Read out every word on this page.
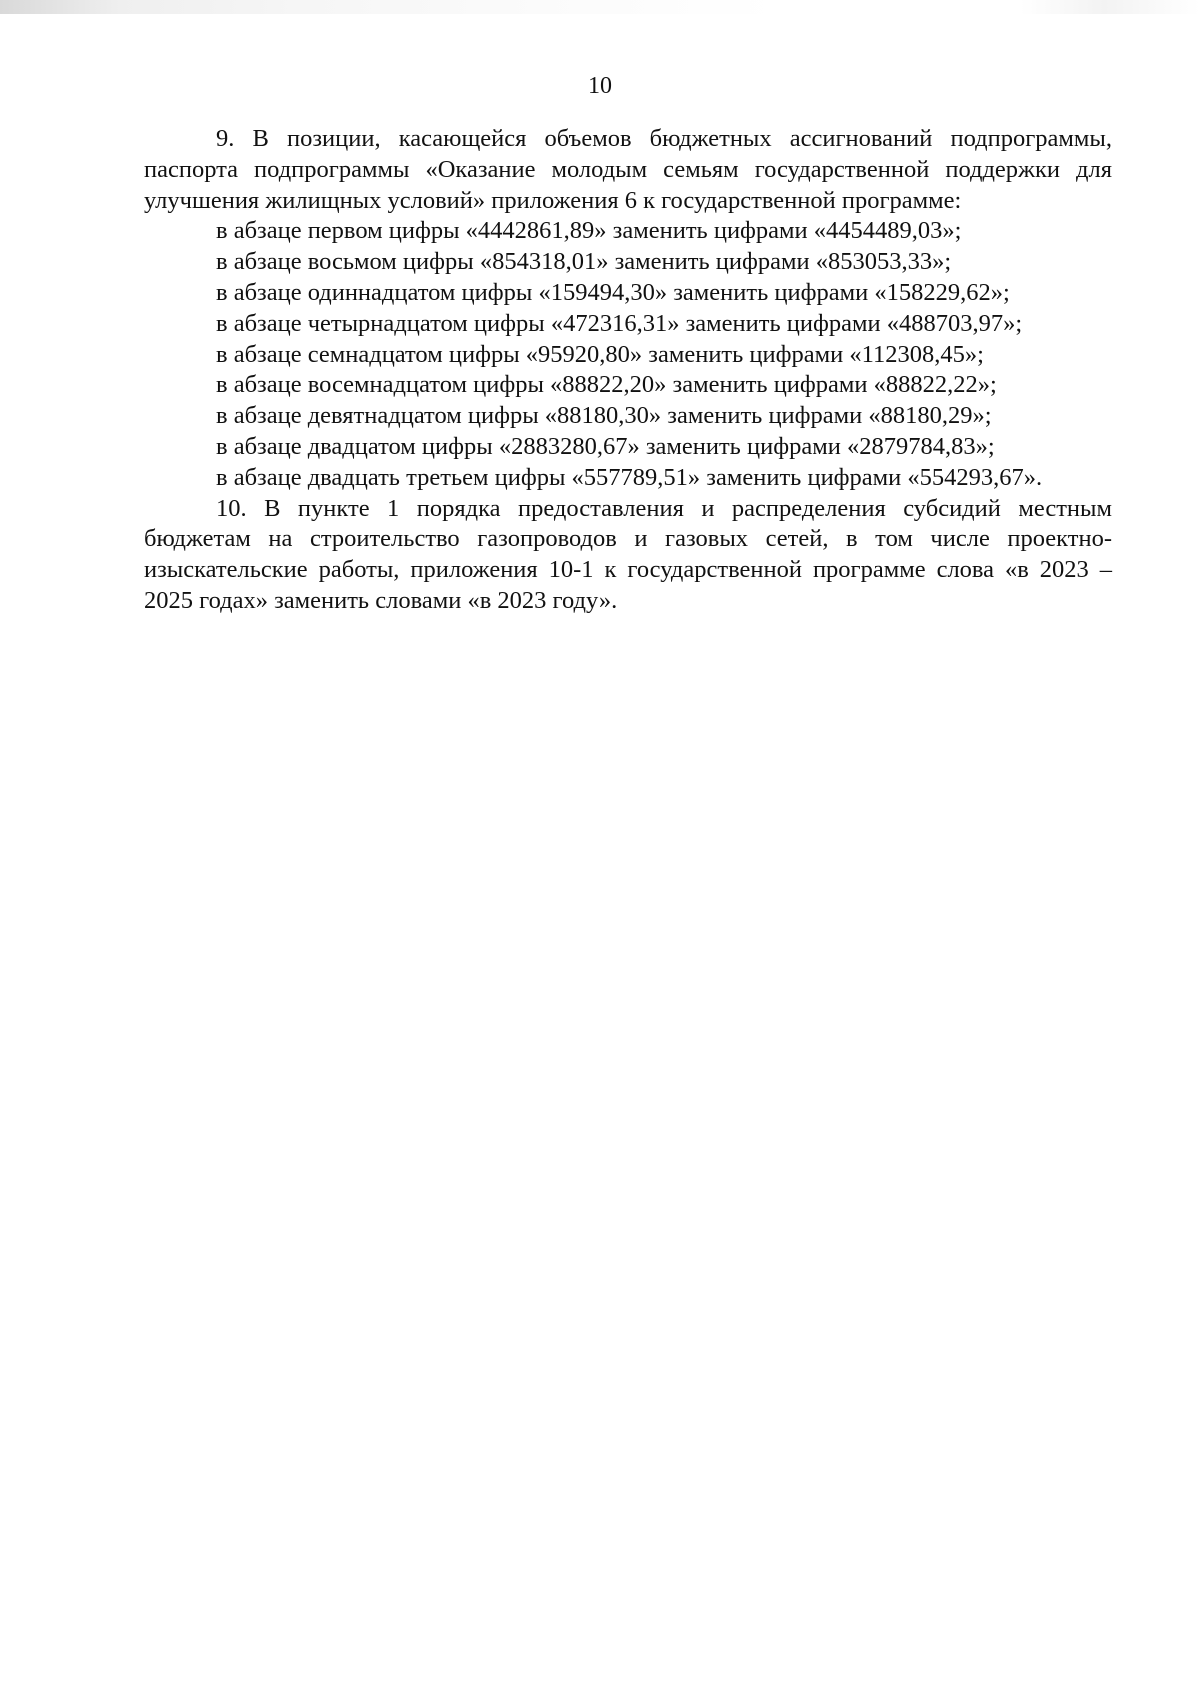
10

9. В позиции, касающейся объемов бюджетных ассигнований подпрограммы, паспорта подпрограммы «Оказание молодым семьям государственной поддержки для улучшения жилищных условий» приложения 6 к государственной программе:

в абзаце первом цифры «4442861,89» заменить цифрами «4454489,03»;

в абзаце восьмом цифры «854318,01» заменить цифрами «853053,33»;

в абзаце одиннадцатом цифры «159494,30» заменить цифрами «158229,62»;

в абзаце четырнадцатом цифры «472316,31» заменить цифрами «488703,97»;

в абзаце семнадцатом цифры «95920,80» заменить цифрами «112308,45»;

в абзаце восемнадцатом цифры «88822,20» заменить цифрами «88822,22»;

в абзаце девятнадцатом цифры «88180,30» заменить цифрами «88180,29»;

в абзаце двадцатом цифры «2883280,67» заменить цифрами «2879784,83»;

в абзаце двадцать третьем цифры «557789,51» заменить цифрами «554293,67».

10. В пункте 1 порядка предоставления и распределения субсидий местным бюджетам на строительство газопроводов и газовых сетей, в том числе проектно-изыскательские работы, приложения 10-1 к государственной программе слова «в 2023 – 2025 годах» заменить словами «в 2023 году».
